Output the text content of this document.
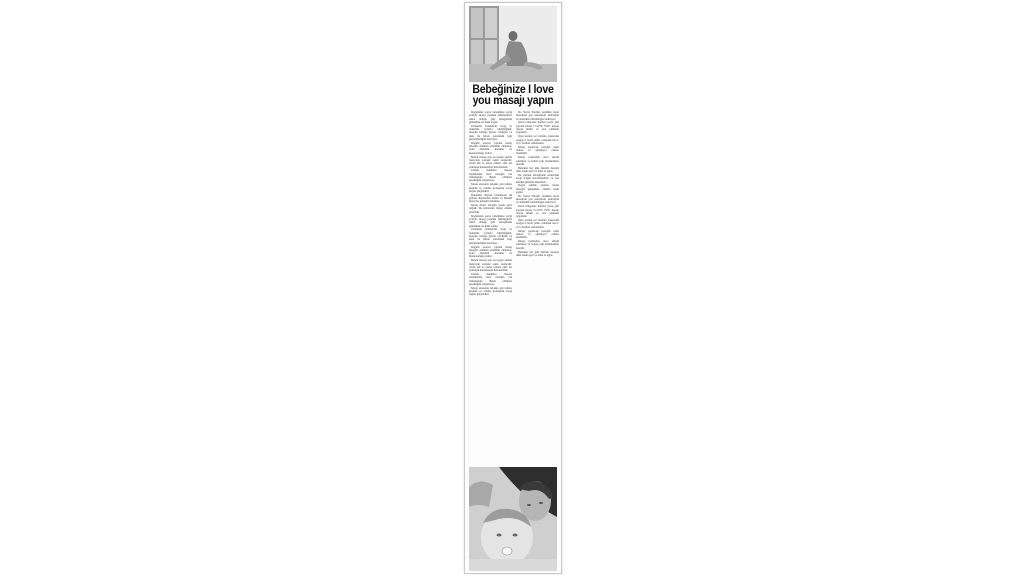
Bebeğinize I love
you masajı yapın

Doğumdan sonra bebeğinize sevgi yoluyla masaj yapmak sakinleştirici etkisi olduğu gibi bebeğinizin gelişimine de katkı sağlar.

Uzmanlar bebeklerin sevgi ve dokunma yoluyla büyüdüğünü, masajın bebeğe güven verdiğini ve anne ile bebek arasındaki bağı güçlendirdiğini belirtiyor.

Doğum sonrası yapılan masaj bebeğin sindirim sistemini rahatlatır, uyku düzenini destekler ve huzursuzluğu azaltır.

Bebek masajı için en uygun zaman banyodan sonraki sakin saatlerdir; ortam ılık ve sessiz olmalı, eller ise yumuşak hareketlerle ilerlemelidir.

Uzman hekimler masaja başlamadan önce bebeğin tok olmamasına dikkat edilmesi gerektiğini vurguluyor.

Masaj sırasında bebekle göz teması kurmak ve onunla konuşmak sevgi bağını güçlendirir.

Dokunma duyusu bebeklerde ilk gelişen duyulardan biridir ve düzenli masaj bu gelişimi destekler.

Masaj süresi bebeğin yaşına göre değişir; ilk haftalarda birkaç dakika yeterlidir.

Doğumdan sonra bebeğinize sevgi yoluyla masaj yapmak sakinleştirici etkisi olduğu gibi bebeğinizin gelişimine de katkı sağlar.

Uzmanlar bebeklerin sevgi ve dokunma yoluyla büyüdüğünü, masajın bebeğe güven verdiğini ve anne ile bebek arasındaki bağı güçlendirdiğini belirtiyor.

Doğum sonrası yapılan masaj bebeğin sindirim sistemini rahatlatır, uyku düzenini destekler ve huzursuzluğu azaltır.

Bebek masajı için en uygun zaman banyodan sonraki sakin saatlerdir; ortam ılık ve sessiz olmalı, eller ise yumuşak hareketlerle ilerlemelidir.

Uzman hekimler masaja başlamadan önce bebeğin tok olmamasına dikkat edilmesi gerektiğini vurguluyor.

Masaj sırasında bebekle göz teması kurmak ve onunla konuşmak sevgi bağını güçlendirir.

Dr. Yavuz Yardım, özellikle karın masajının gaz sancılarını azalttığını ve sindirimi rahatlattığını belirtiyor.

Karın bölgesine harfleri yazar gibi yapılan masaj 'I LOVE YOU' masajı olarak bilinir ve saat yönünde uygulanır.

Önce karnın sol tarafına yukarıdan aşağıya I harfi çizilir, ardından ters L ve U harfleri tamamlanır.

Masaj yapılacak bebeğin rahat olması ve ağlamıyor olması önemlidir.

Masaj yapmadan önce ellerin ısıtılması ve bebek yağı kullanılması önerilir.

Bebekler her gün düzenli masajla daha sakin uyur ve daha az ağlar.

Bu yöntem bebeğinizle aranızdaki sevgi bağını kuvvetlendirir ve ona kendini güvende hissettirir.

Doğru şekilde yapılan masaj bebeğin gelişimine olumlu katkı sağlar.

Dr. Yavuz Yardım, özellikle karın masajının gaz sancılarını azalttığını ve sindirimi rahatlattığını belirtiyor.

Karın bölgesine harfleri yazar gibi yapılan masaj 'I LOVE YOU' masajı olarak bilinir ve saat yönünde uygulanır.

Önce karnın sol tarafına yukarıdan aşağıya I harfi çizilir, ardından ters L ve U harfleri tamamlanır.

Masaj yapılacak bebeğin rahat olması ve ağlamıyor olması önemlidir.

Masaj yapmadan önce ellerin ısıtılması ve bebek yağı kullanılması önerilir.

Bebekler her gün düzenli masajla daha sakin uyur ve daha az ağlar.
